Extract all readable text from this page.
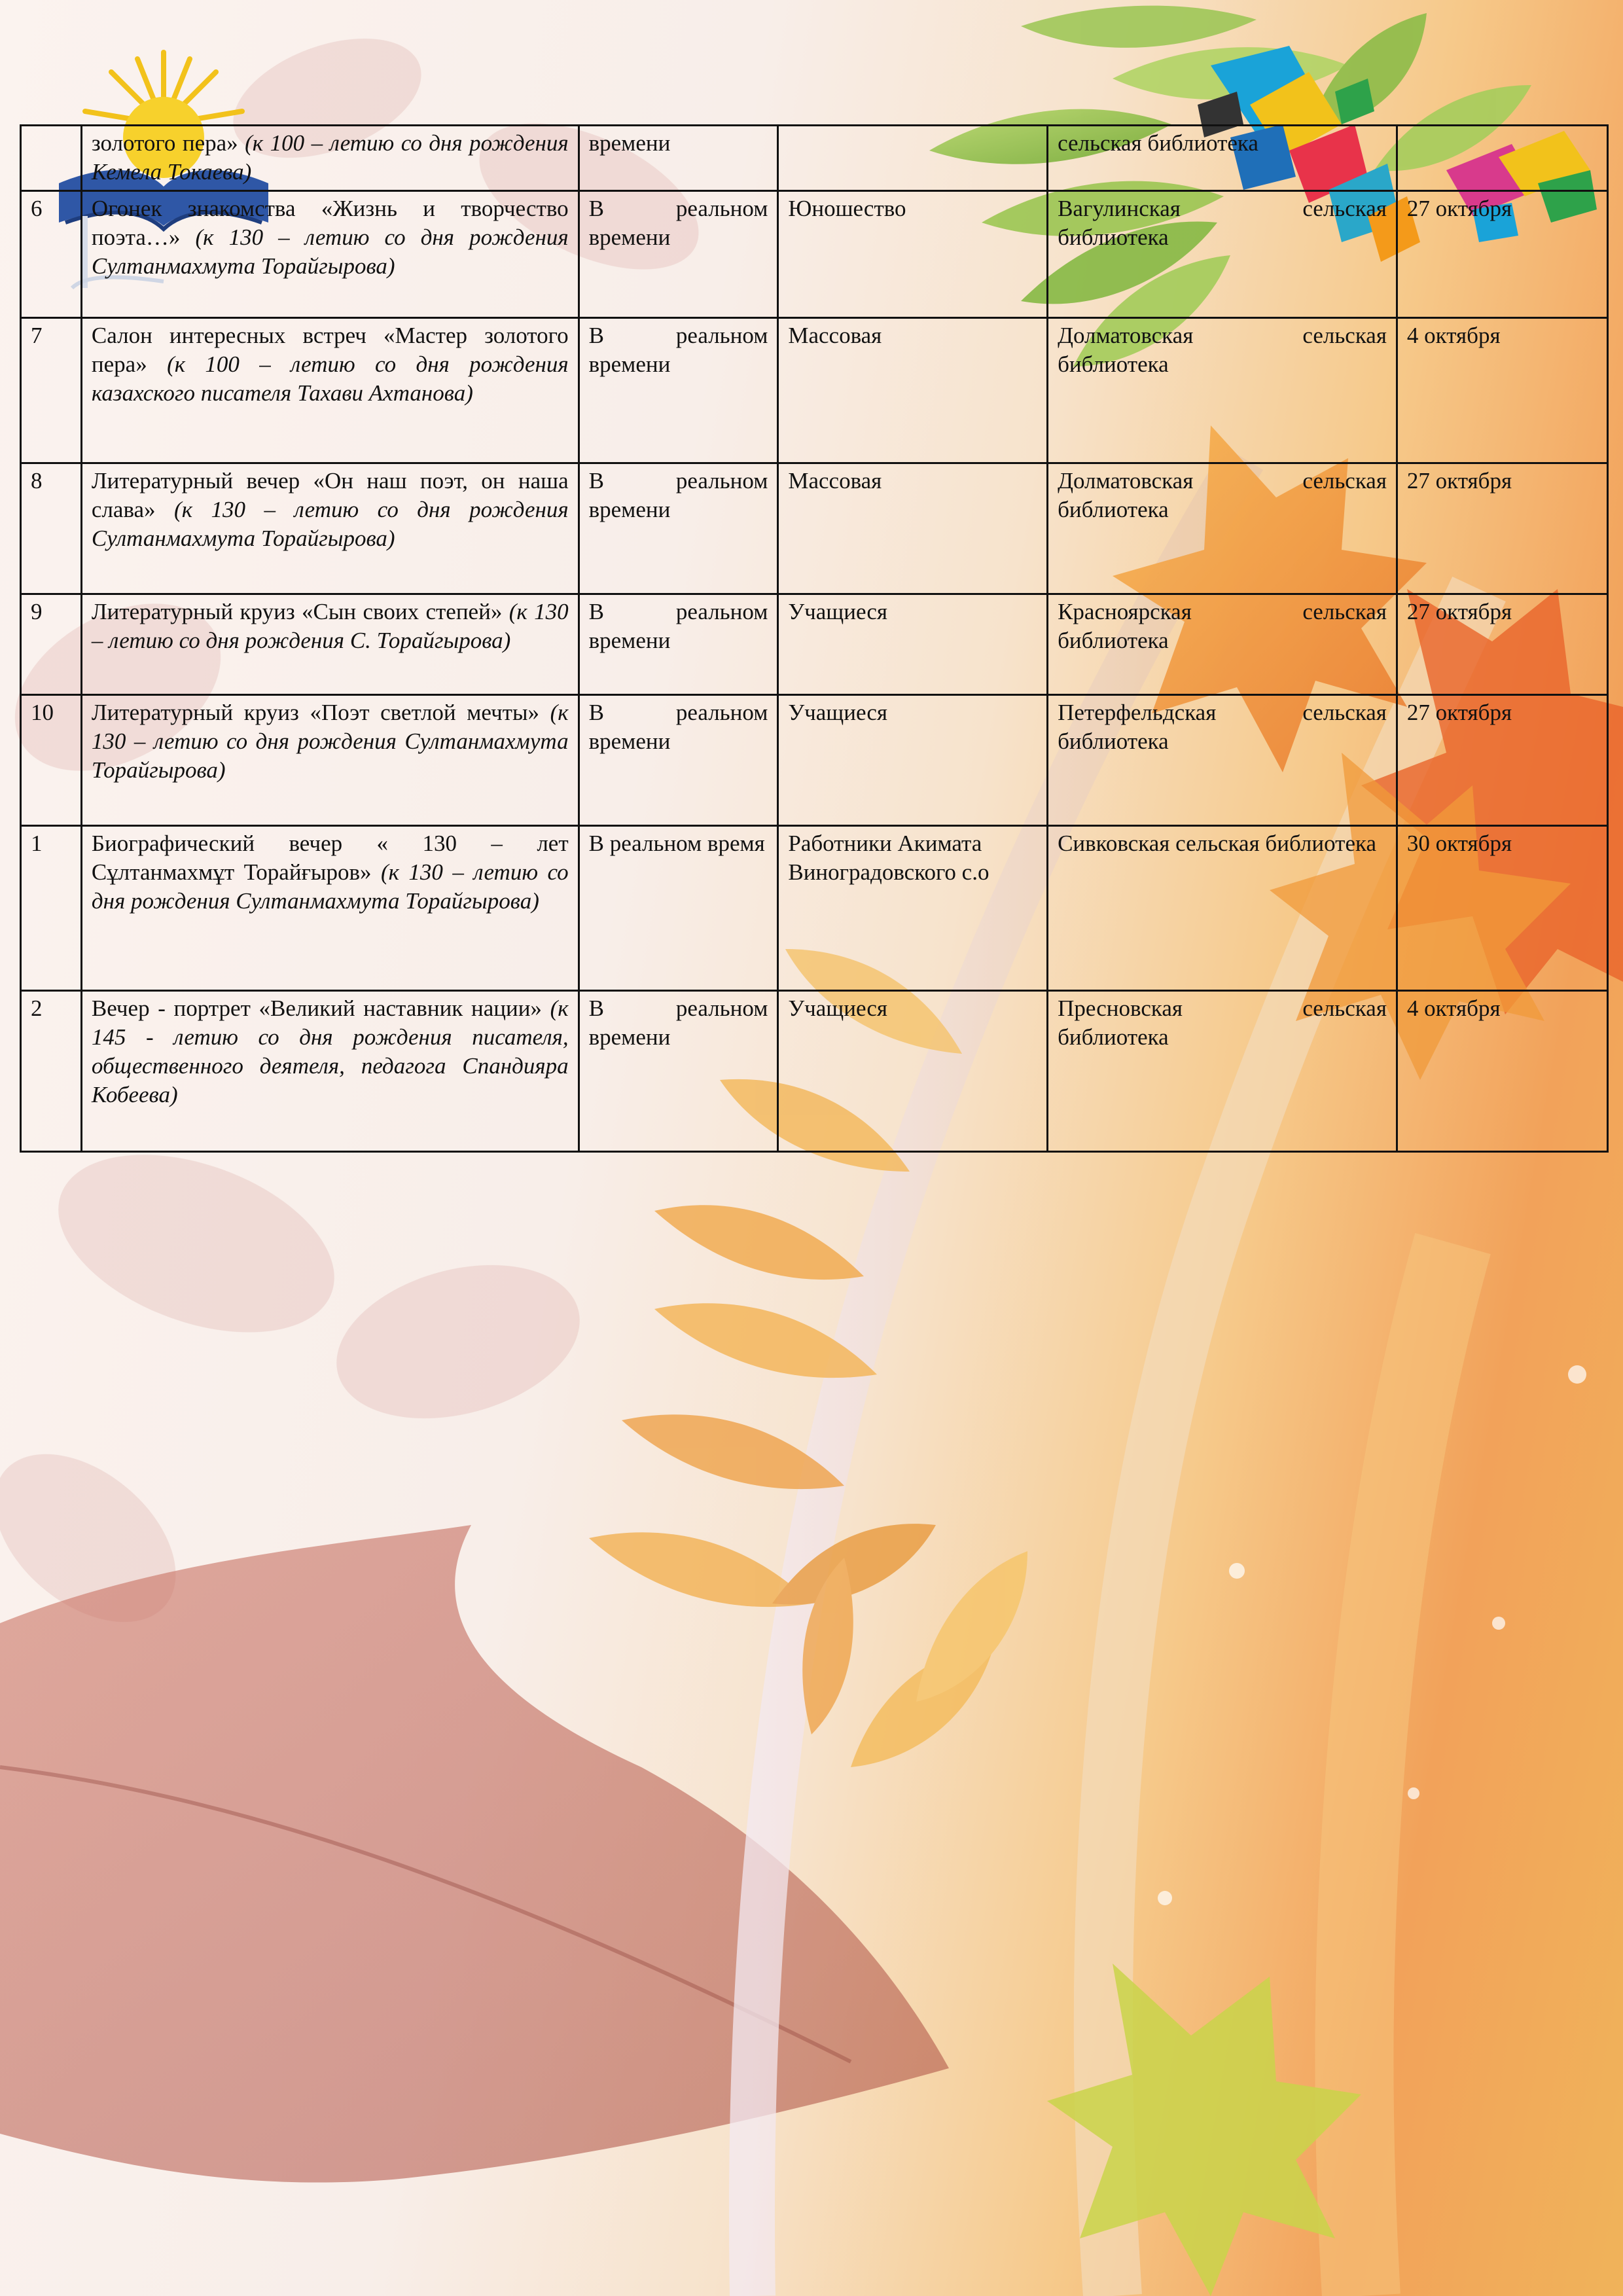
	золотого пера» (к 100 – летию со дня рождения Кемела Токаева)	времени		сельская библиотека	
6	Огонек знакомства «Жизнь и творчество поэта…» (к 130 – летию со дня рождения Султанмахмута Торайгырова)	В реальном времени	Юношество	Вагулинская сельская библиотека	27 октября
7	Салон интересных встреч «Мастер золотого пера» (к 100 – летию со дня рождения казахского писателя Тахави Ахтанова)	В реальном времени	Массовая	Долматовская сельская библиотека	4 октября
8	Литературный вечер «Он наш поэт, он наша слава» (к 130 – летию со дня рождения Султанмахмута Торайгырова)	В реальном времени	Массовая	Долматовская сельская библиотека	27 октября
9	Литературный круиз «Сын своих степей» (к 130 – летию со дня рождения С. Торайгырова)	В реальном времени	Учащиеся	Красноярская сельская библиотека	27 октября
10	Литературный круиз «Поэт светлой мечты» (к 130 – летию со дня рождения Султанмахмута Торайгырова)	В реальном времени	Учащиеся	Петерфельдская сельская библиотека	27 октября
1	Биографический вечер « 130 – лет Сұлтанмахмұт Торайғыров» (к 130 – летию со дня рождения Султанмахмута Торайгырова)	В реальном время	Работники Акимата Виноградовского с.о	Сивковская сельская библиотека	30 октября
2	Вечер - портрет «Великий наставник нации» (к 145 - летию со дня рождения писателя, общественного деятеля, педагога Спандияра Кобеева)	В реальном времени	Учащиеся	Пресновская сельская библиотека	4 октября
